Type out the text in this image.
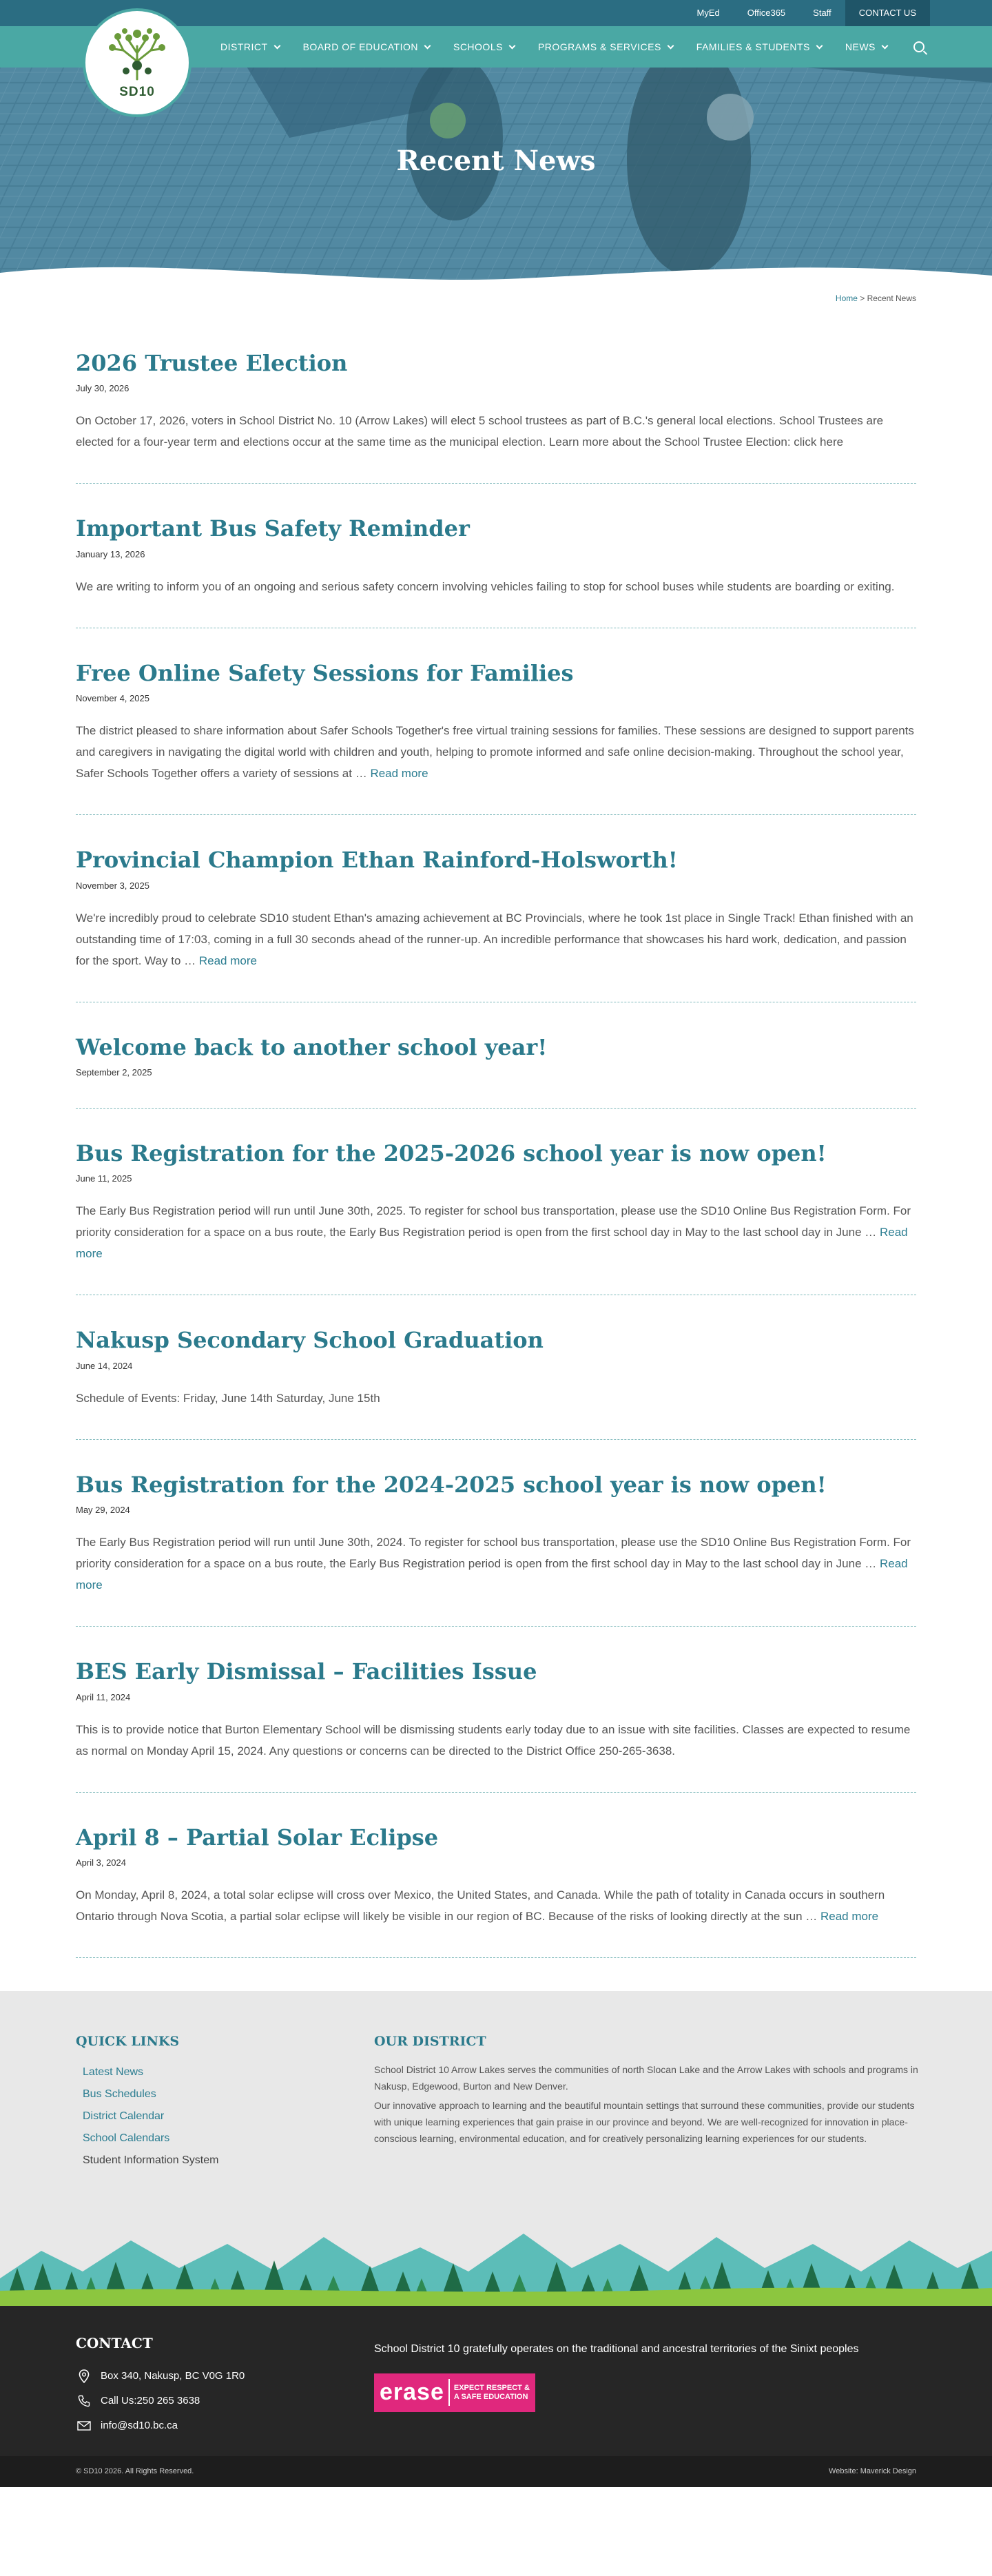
MyEd	Office365	Staff	CONTACT US
DISTRICT	BOARD OF EDUCATION	SCHOOLS	PROGRAMS & SERVICES	FAMILIES & STUDENTS	NEWS
SD10
Recent News
Home > Recent News
2026 Trustee Election
July 30, 2026

On October 17, 2026, voters in School District No. 10 (Arrow Lakes) will elect 5 school trustees as part of B.C.'s general local elections. School Trustees are elected for a four-year term and elections occur at the same time as the municipal election. Learn more about the School Trustee Election: click here

Important Bus Safety Reminder
January 13, 2026

We are writing to inform you of an ongoing and serious safety concern involving vehicles failing to stop for school buses while students are boarding or exiting.

Free Online Safety Sessions for Families
November 4, 2025

The district pleased to share information about Safer Schools Together's free virtual training sessions for families. These sessions are designed to support parents and caregivers in navigating the digital world with children and youth, helping to promote informed and safe online decision-making. Throughout the school year, Safer Schools Together offers a variety of sessions at … Read more

Provincial Champion Ethan Rainford-Holsworth!
November 3, 2025

We're incredibly proud to celebrate SD10 student Ethan's amazing achievement at BC Provincials, where he took 1st place in Single Track! Ethan finished with an outstanding time of 17:03, coming in a full 30 seconds ahead of the runner-up. An incredible performance that showcases his hard work, dedication, and passion for the sport. Way to … Read more

Welcome back to another school year!
September 2, 2025
Bus Registration for the 2025-2026 school year is now open!
June 11, 2025

The Early Bus Registration period will run until June 30th, 2025. To register for school bus transportation, please use the SD10 Online Bus Registration Form. For priority consideration for a space on a bus route, the Early Bus Registration period is open from the first school day in May to the last school day in June … Read more

Nakusp Secondary School Graduation
June 14, 2024

Schedule of Events: Friday, June 14th Saturday, June 15th

Bus Registration for the 2024-2025 school year is now open!
May 29, 2024

The Early Bus Registration period will run until June 30th, 2024. To register for school bus transportation, please use the SD10 Online Bus Registration Form. For priority consideration for a space on a bus route, the Early Bus Registration period is open from the first school day in May to the last school day in June … Read more

BES Early Dismissal – Facilities Issue
April 11, 2024

This is to provide notice that Burton Elementary School will be dismissing students early today due to an issue with site facilities. Classes are expected to resume as normal on Monday April 15, 2024. Any questions or concerns can be directed to the District Office 250-265-3638.

April 8 – Partial Solar Eclipse
April 3, 2024

On Monday, April 8, 2024, a total solar eclipse will cross over Mexico, the United States, and Canada. While the path of totality in Canada occurs in southern Ontario through Nova Scotia, a partial solar eclipse will likely be visible in our region of BC. Because of the risks of looking directly at the sun … Read more

QUICK LINKS
Latest News
Bus Schedules
District Calendar
School Calendars
Student Information System
OUR DISTRICT

School District 10 Arrow Lakes serves the communities of north Slocan Lake and the Arrow Lakes with schools and programs in Nakusp, Edgewood, Burton and New Denver.

Our innovative approach to learning and the beautiful mountain settings that surround these communities, provide our students with unique learning experiences that gain praise in our province and beyond. We are well-recognized for innovation in place-conscious learning, environmental education, and for creatively personalizing learning experiences for our students.

CONTACT
Box 340, Nakusp, BC V0G 1R0
Call Us: 250 265 3638
info@sd10.bc.ca

School District 10 gratefully operates on the traditional and ancestral territories of the Sinixt peoples

erase	EXPECT RESPECT &
A SAFE EDUCATION
© SD10 2026. All Rights Reserved.	Website: Maverick Design
